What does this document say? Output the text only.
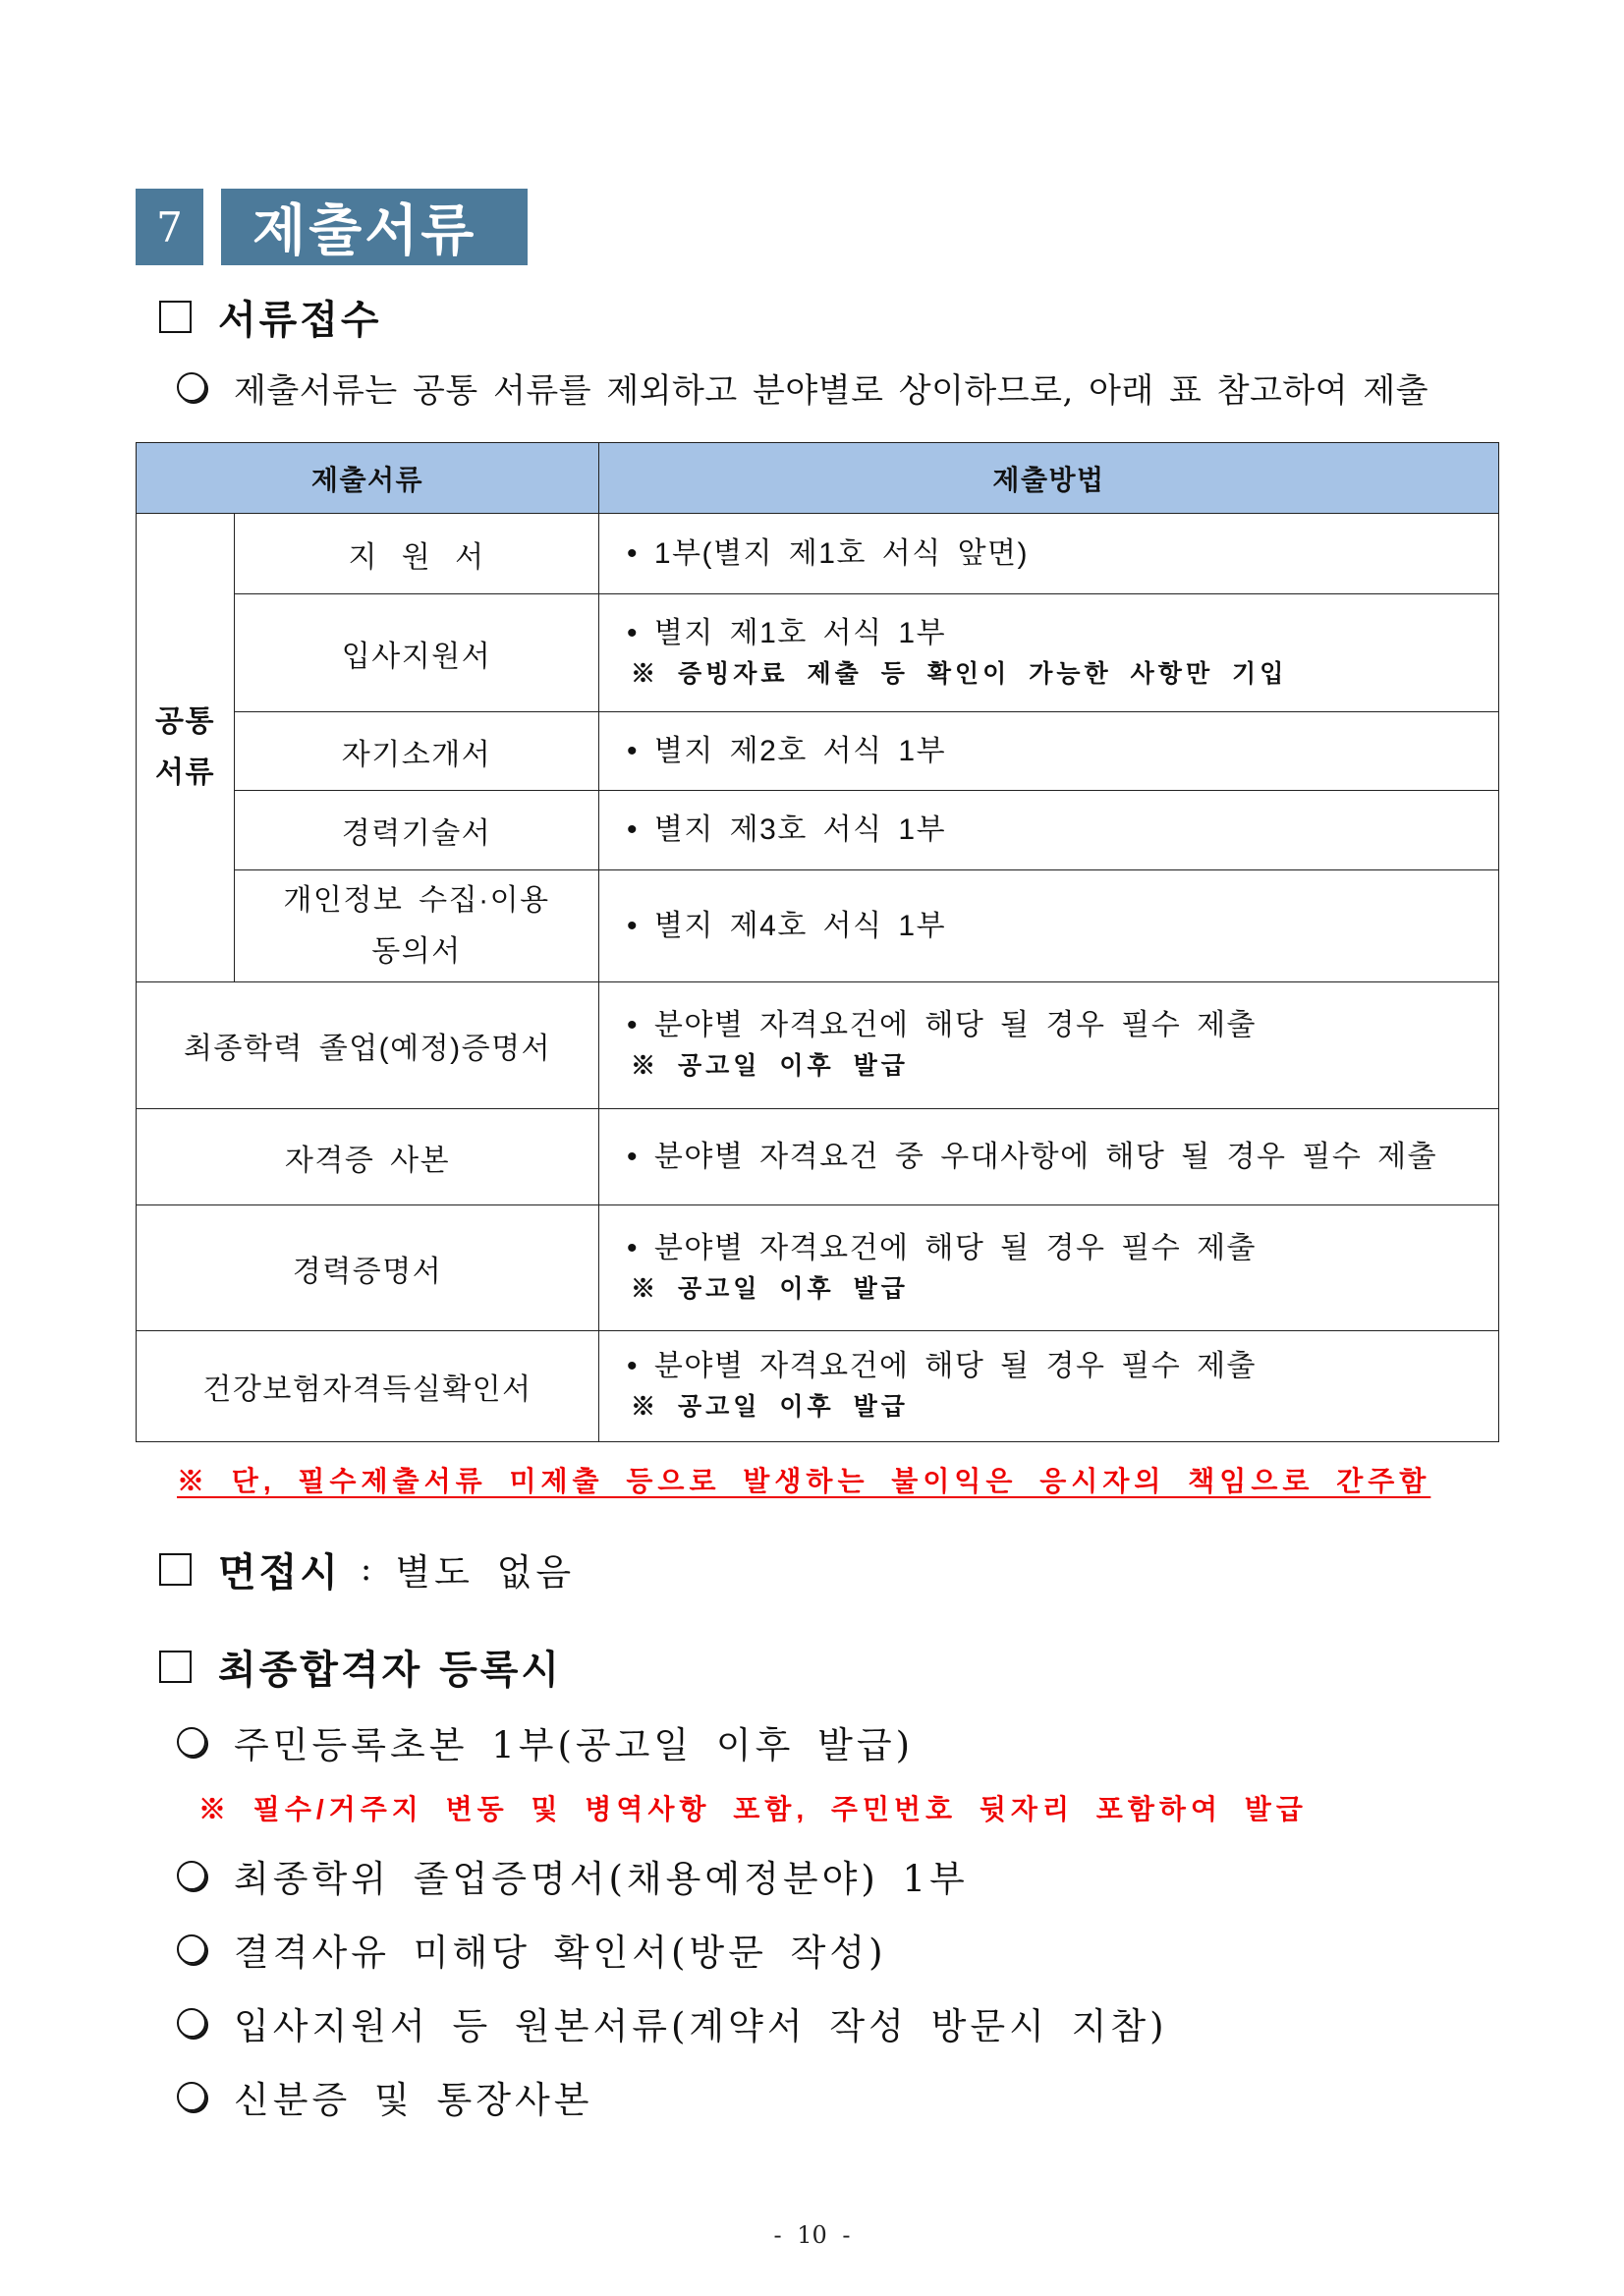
7 제출서류
서류접수
제출서류는 공통 서류를 제외하고 분야별로 상이하므로, 아래 표 참고하여 제출
제출서류		제출방법
공통
서류	지 원 서	• 1부(별지 제1호 서식 앞면)

	입사지원서	• 별지 제1호 서식 1부
※ 증빙자료 제출 등 확인이 가능한 사항만 기입

	자기소개서	• 별지 제2호 서식 1부

	경력기술서	• 별지 제3호 서식 1부

	개인정보 수집·이용
동의서	• 별지 제4호 서식 1부

최종학력 졸업(예정)증명서		• 분야별 자격요건에 해당 될 경우 필수 제출
※ 공고일 이후 발급

자격증 사본		• 분야별 자격요건 중 우대사항에 해당 될 경우 필수 제출

경력증명서		• 분야별 자격요건에 해당 될 경우 필수 제출
※ 공고일 이후 발급

건강보험자격득실확인서		• 분야별 자격요건에 해당 될 경우 필수 제출
※ 공고일 이후 발급
※ 단, 필수제출서류 미제출 등으로 발생하는 불이익은 응시자의 책임으로 간주함
면접시 : 별도 없음
최종합격자 등록시
주민등록초본 1부(공고일 이후 발급)
※ 필수/거주지 변동 및 병역사항 포함, 주민번호 뒷자리 포함하여 발급
최종학위 졸업증명서(채용예정분야) 1부
결격사유 미해당 확인서(방문 작성)
입사지원서 등 원본서류(계약서 작성 방문시 지참)
신분증 및 통장사본
- 10 -
